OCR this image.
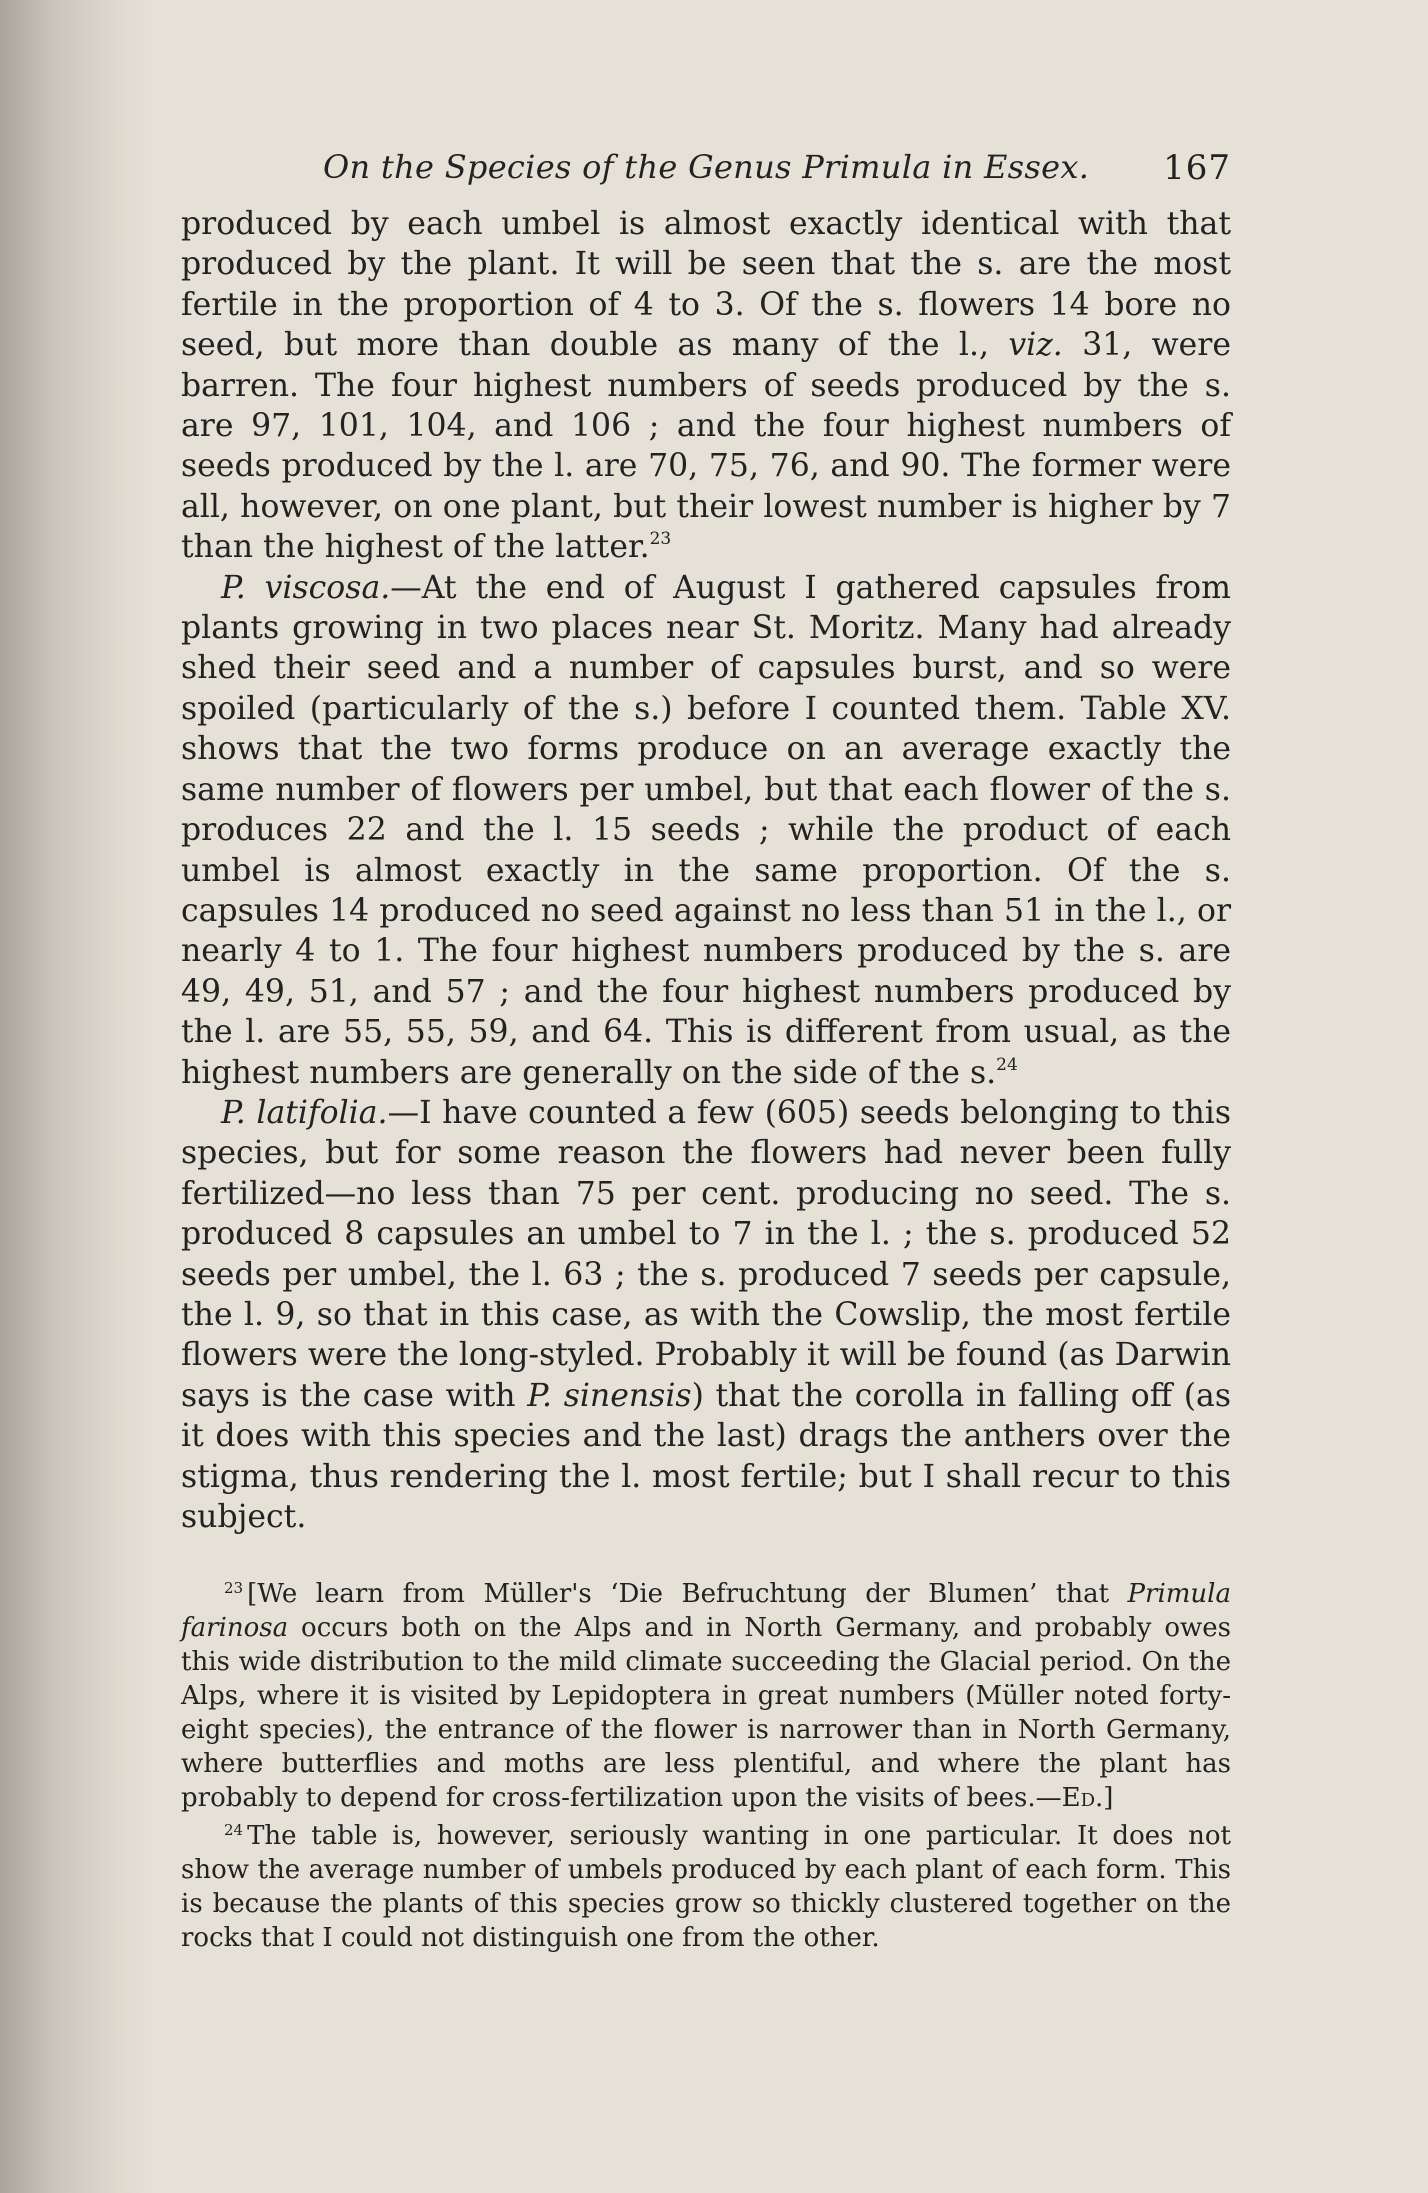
On the Species of the Genus Primula in Essex. 167

produced by each umbel is almost exactly identical with that produced by the plant. It will be seen that the s. are the most fertile in the proportion of 4 to 3. Of the s. flowers 14 bore no seed, but more than double as many of the l., viz. 31, were barren. The four highest numbers of seeds produced by the s. are 97, 101, 104, and 106 ; and the four highest numbers of seeds produced by the l. are 70, 75, 76, and 90. The former were all, however, on one plant, but their lowest number is higher by 7 than the highest of the latter.$^{23}$

P. viscosa.—At the end of August I gathered capsules from plants growing in two places near St. Moritz. Many had already shed their seed and a number of capsules burst, and so were spoiled (particularly of the s.) before I counted them. Table XV. shows that the two forms produce on an average exactly the same number of flowers per umbel, but that each flower of the s. produces 22 and the l. 15 seeds ; while the product of each umbel is almost exactly in the same proportion. Of the s. capsules 14 produced no seed against no less than 51 in the l., or nearly 4 to 1. The four highest numbers produced by the s. are 49, 49, 51, and 57 ; and the four highest numbers produced by the l. are 55, 55, 59, and 64. This is different from usual, as the highest numbers are generally on the side of the s.$^{24}$

P. latifolia.—I have counted a few (605) seeds belonging to this species, but for some reason the flowers had never been fully fertilized—no less than 75 per cent. producing no seed. The s. produced 8 capsules an umbel to 7 in the l. ; the s. produced 52 seeds per umbel, the l. 63 ; the s. produced 7 seeds per capsule, the l. 9, so that in this case, as with the Cowslip, the most fertile flowers were the long-styled. Probably it will be found (as Darwin says is the case with P. sinensis) that the corolla in falling off (as it does with this species and the last) drags the anthers over the stigma, thus rendering the l. most fertile; but I shall recur to this subject.

$^{23}$ [We learn from Müller's ‘Die Befruchtung der Blumen’ that Primula farinosa occurs both on the Alps and in North Germany, and probably owes this wide distribution to the mild climate succeeding the Glacial period. On the Alps, where it is visited by Lepidoptera in great numbers (Müller noted forty-eight species), the entrance of the flower is narrower than in North Germany, where butterflies and moths are less plentiful, and where the plant has probably to depend for cross-fertilization upon the visits of bees.—Ed.]

$^{24}$ The table is, however, seriously wanting in one particular. It does not show the average number of umbels produced by each plant of each form. This is because the plants of this species grow so thickly clustered together on the rocks that I could not distinguish one from the other.
